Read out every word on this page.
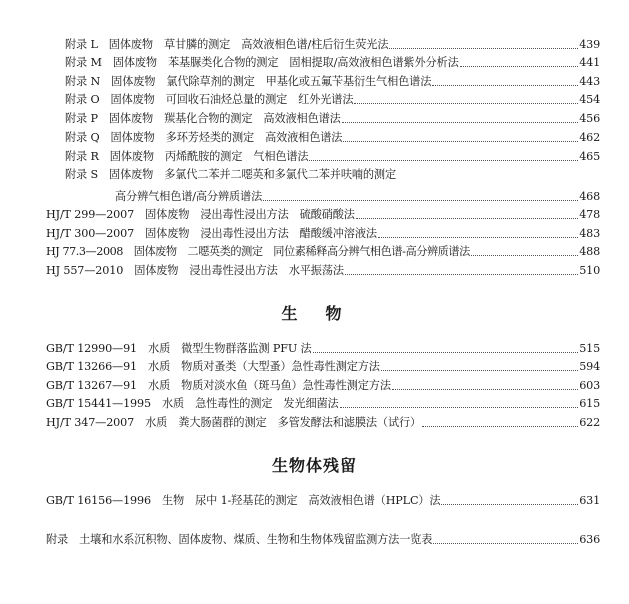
附录 L　固体废物　草甘膦的测定　高效液相色谱/柱后衍生荧光法	439
附录 M　固体废物　苯基脲类化合物的测定　固相提取/高效液相色谱紫外分析法	441
附录 N　固体废物　氯代除草剂的测定　甲基化或五氟苄基衍生气相色谱法	443
附录 O　固体废物　可回收石油烃总量的测定　红外光谱法	454
附录 P　固体废物　羰基化合物的测定　高效液相色谱法	456
附录 Q　固体废物　多环芳烃类的测定　高效液相色谱法	462
附录 R　固体废物　丙烯酰胺的测定　气相色谱法	465
附录 S　固体废物　多氯代二苯并二噁英和多氯代二苯并呋喃的测定
高分辨气相色谱/高分辨质谱法	468
HJ/T 299—2007　固体废物　浸出毒性浸出方法　硫酸硝酸法	478
HJ/T 300—2007　固体废物　浸出毒性浸出方法　醋酸缓冲溶液法	483
HJ 77.3—2008　固体废物　二噁英类的测定　同位素稀释高分辨气相色谱-高分辨质谱法	488
HJ 557—2010　固体废物　浸出毒性浸出方法　水平振荡法	510
生　物
GB/T 12990—91　水质　微型生物群落监测 PFU 法	515
GB/T 13266—91　水质　物质对蚤类（大型蚤）急性毒性测定方法	594
GB/T 13267—91　水质　物质对淡水鱼（斑马鱼）急性毒性测定方法	603
GB/T 15441—1995　水质　急性毒性的测定　发光细菌法	615
HJ/T 347—2007　水质　粪大肠菌群的测定　多管发酵法和滤膜法（试行）	622
生物体残留
GB/T 16156—1996　生物　尿中 1-羟基芘的测定　高效液相色谱（HPLC）法	631
附录　土壤和水系沉积物、固体废物、煤质、生物和生物体残留监测方法一览表	636
